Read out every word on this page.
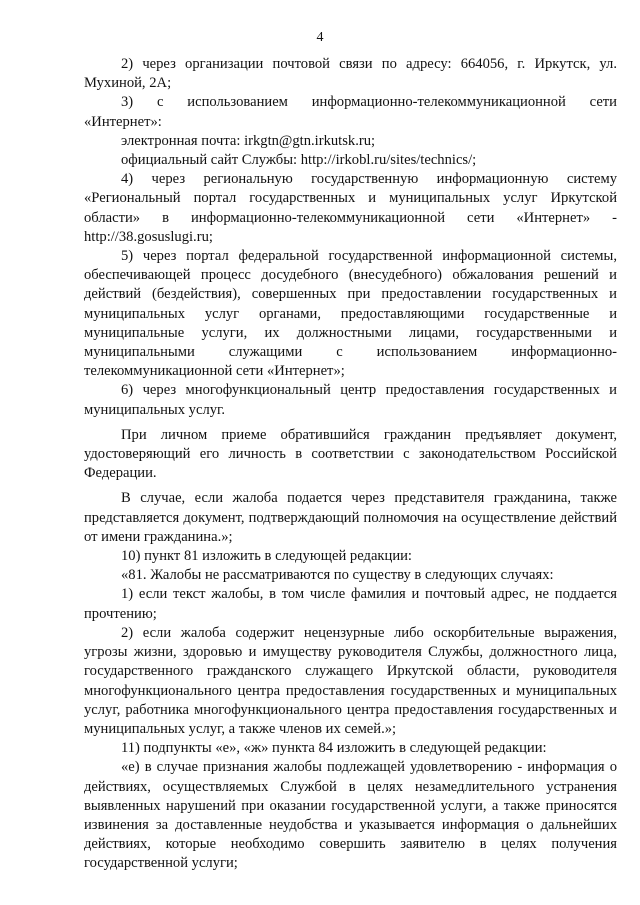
4

2) через организации почтовой связи по адресу: 664056, г. Иркутск, ул. Мухиной, 2А;

3) с использованием информационно-телекоммуникационной сети «Интернет»:

электронная почта: irkgtn@gtn.irkutsk.ru;

официальный сайт Службы: http://irkobl.ru/sites/technics/;

4) через региональную государственную информационную систему «Региональный портал государственных и муниципальных услуг Иркутской области» в информационно-телекоммуникационной сети «Интернет» - http://38.gosuslugi.ru;

5) через портал федеральной государственной информационной системы, обеспечивающей процесс досудебного (внесудебного) обжалования решений и действий (бездействия), совершенных при предоставлении государственных и муниципальных услуг органами, предоставляющими государственные и муниципальные услуги, их должностными лицами, государственными и муниципальными служащими с использованием информационно-телекоммуникационной сети «Интернет»;

6) через многофункциональный центр предоставления государственных и муниципальных услуг.

При личном приеме обратившийся гражданин предъявляет документ, удостоверяющий его личность в соответствии с законодательством Российской Федерации.

В случае, если жалоба подается через представителя гражданина, также представляется документ, подтверждающий полномочия на осуществление действий от имени гражданина.»;

10) пункт 81 изложить в следующей редакции:

«81. Жалобы не рассматриваются по существу в следующих случаях:

1) если текст жалобы, в том числе фамилия и почтовый адрес, не поддается прочтению;

2) если жалоба содержит нецензурные либо оскорбительные выражения, угрозы жизни, здоровью и имуществу руководителя Службы, должностного лица, государственного гражданского служащего Иркутской области, руководителя многофункционального центра предоставления государственных и муниципальных услуг, работника многофункционального центра предоставления государственных и муниципальных услуг, а также членов их семей.»;

11) подпункты «е», «ж» пункта 84 изложить в следующей редакции:

«е) в случае признания жалобы подлежащей удовлетворению - информация о действиях, осуществляемых Службой в целях незамедлительного устранения выявленных нарушений при оказании государственной услуги, а также приносятся извинения за доставленные неудобства и указывается информация о дальнейших действиях, которые необходимо совершить заявителю в целях получения государственной услуги;
